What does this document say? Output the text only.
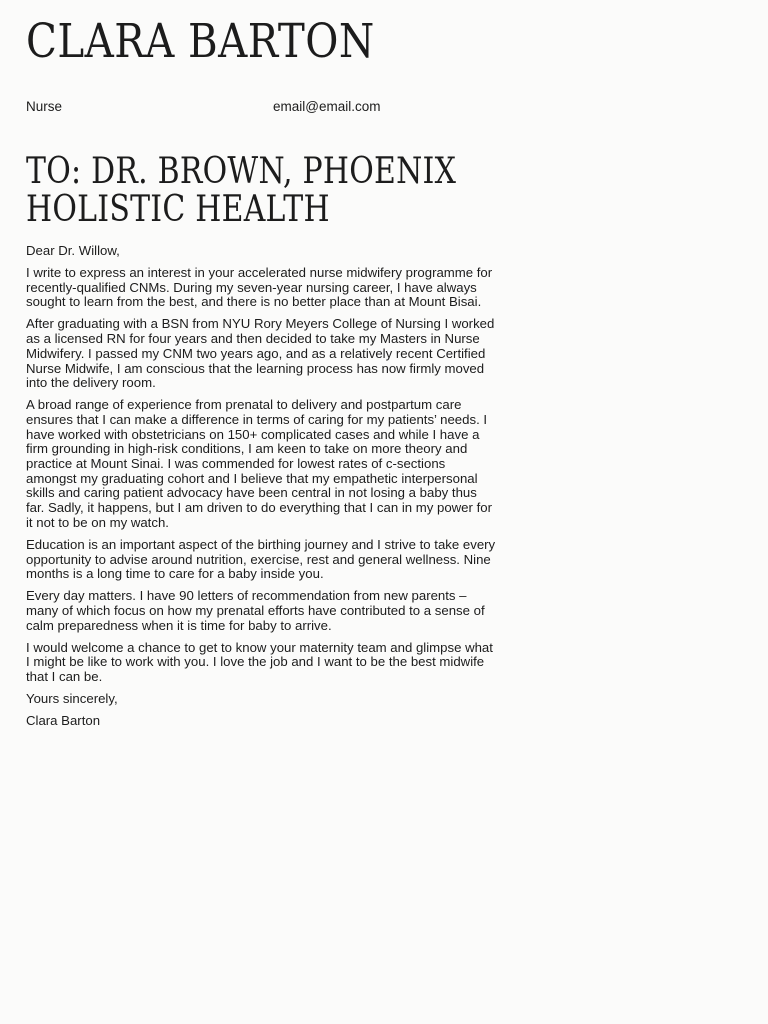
CLARA BARTON
Nurse	email@email.com
TO: DR. BROWN, PHOENIX
HOLISTIC HEALTH

Dear Dr. Willow,

I write to express an interest in your accelerated nurse midwifery programme for recently-qualified CNMs. During my seven-year nursing career, I have always sought to learn from the best, and there is no better place than at Mount Bisai.

After graduating with a BSN from NYU Rory Meyers College of Nursing I worked as a licensed RN for four years and then decided to take my Masters in Nurse Midwifery. I passed my CNM two years ago, and as a relatively recent Certified Nurse Midwife, I am conscious that the learning process has now firmly moved into the delivery room.

A broad range of experience from prenatal to delivery and postpartum care ensures that I can make a difference in terms of caring for my patients’ needs. I have worked with obstetricians on 150+ complicated cases and while I have a firm grounding in high-risk conditions, I am keen to take on more theory and practice at Mount Sinai. I was commended for lowest rates of c-sections amongst my graduating cohort and I believe that my empathetic interpersonal skills and caring patient advocacy have been central in not losing a baby thus far. Sadly, it happens, but I am driven to do everything that I can in my power for it not to be on my watch.

Education is an important aspect of the birthing journey and I strive to take every opportunity to advise around nutrition, exercise, rest and general wellness. Nine months is a long time to care for a baby inside you.

Every day matters. I have 90 letters of recommendation from new parents – many of which focus on how my prenatal efforts have contributed to a sense of calm preparedness when it is time for baby to arrive.

I would welcome a chance to get to know your maternity team and glimpse what I might be like to work with you. I love the job and I want to be the best midwife that I can be.

Yours sincerely,

Clara Barton
